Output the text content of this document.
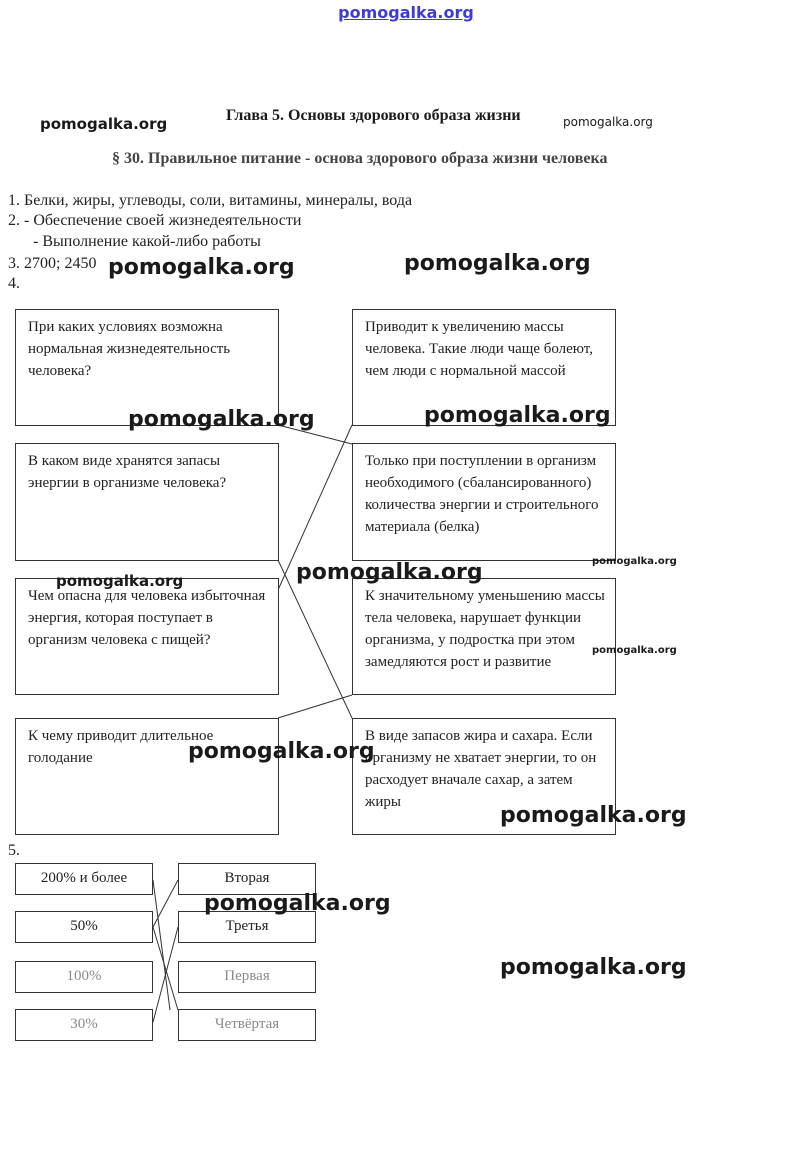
pomogalka.org
pomogalka.org	Глава 5. Основы здорового образа жизни	pomogalka.org
§ 30. Правильное питание - основа здорового образа жизни человека
1. Белки, жиры, углеводы, соли, витамины, минералы, вода
2. - Обеспечение своей жизнедеятельности
- Выполнение какой-либо работы
3. 2700; 2450
4.
При каких условиях возможна нормальная жизнедеятельность человека?
В каком виде хранятся запасы энергии в организме человека?
Чем опасна для человека избыточная энергия, которая поступает в организм человека с пищей?
К чему приводит длительное голодание
Приводит к увеличению массы человека. Такие люди чаще болеют, чем люди с нормальной массой
Только при поступлении в организм необходимого (сбалансированного) количества энергии и строительного материала (белка)
К значительному уменьшению массы тела человека, нарушает функции организма, у подростка при этом замедляются рост и развитие
В виде запасов жира и сахара. Если организму не хватает энергии, то он расходует вначале сахар, а затем жиры
5.
200% и более
50%
100%
30%
Вторая
Третья
Первая
Четвёртая
pomogalka.org	pomogalka.org
pomogalka.org	pomogalka.org
pomogalka.org
pomogalka.org
pomogalka.org
pomogalka.org
pomogalka.org
pomogalka.org
pomogalka.org
pomogalka.org
